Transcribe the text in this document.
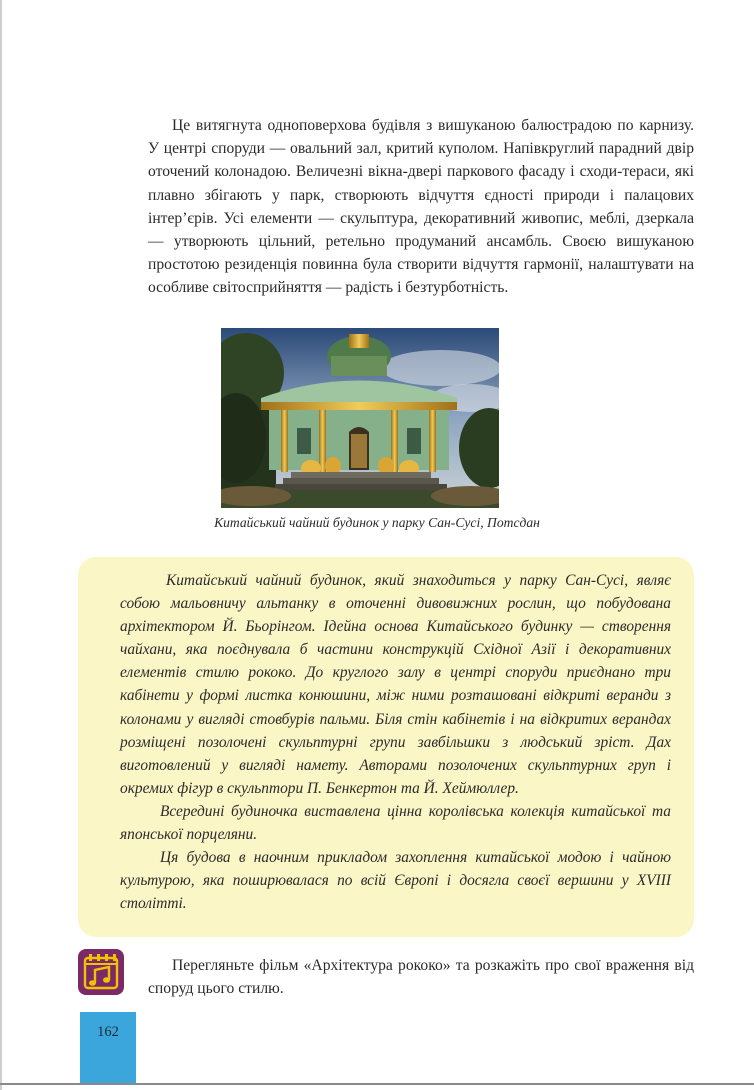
Це витягнута одноповерхова будівля з вишуканою балюстрадою по карнизу. У центрі споруди — овальний зал, критий куполом. Напівкруглий парадний двір оточений колонадою. Величезні вікна-двері паркового фасаду і сходи-тераси, які плавно збігають у парк, створюють відчуття єдності природи і палацових інтер’єрів. Усі елементи — скульптура, декоративний живопис, меблі, дзеркала — утворюють цільний, ретельно продуманий ансамбль. Своєю вишуканою простотою резиденція повинна була створити відчуття гармонії, налаштувати на особливе світосприйняття — радість і безтурботність.

Китайський чайний будинок у парку Сан-Сусі, Потсдан

Китайський чайний будинок, який знаходиться у парку Сан-Сусі, являє собою мальовничу альтанку в оточенні дивовижних рослин, що побудована архітектором Й. Бьорінгом. Ідейна основа Китайського будинку — створення чайхани, яка поєднувала б частини конструкцій Східної Азії і декоративних елементів стилю рококо. До круглого залу в центрі споруди приєднано три кабінети у формі листка конюшини, між ними розташовані відкриті веранди з колонами у вигляді стовбурів пальми. Біля стін кабінетів і на відкритих верандах розміщені позолочені скульптурні групи завбільшки з людський зріст. Дах виготовлений у вигляді намету. Авторами позолочених скульптурних груп і окремих фігур в скульптори П. Бенкертон та Й. Хеймюллер.

Всередині будиночка виставлена цінна королівська колекція китайської та японської порцеляни.

Ця будова в наочним прикладом захоплення китайської модою і чайною культурою, яка поширювалася по всій Європі і досягла своєї вершини у XVIII столітті.

Перегляньте фільм «Архітектура рококо» та розкажіть про свої враження від споруд цього стилю.

162
